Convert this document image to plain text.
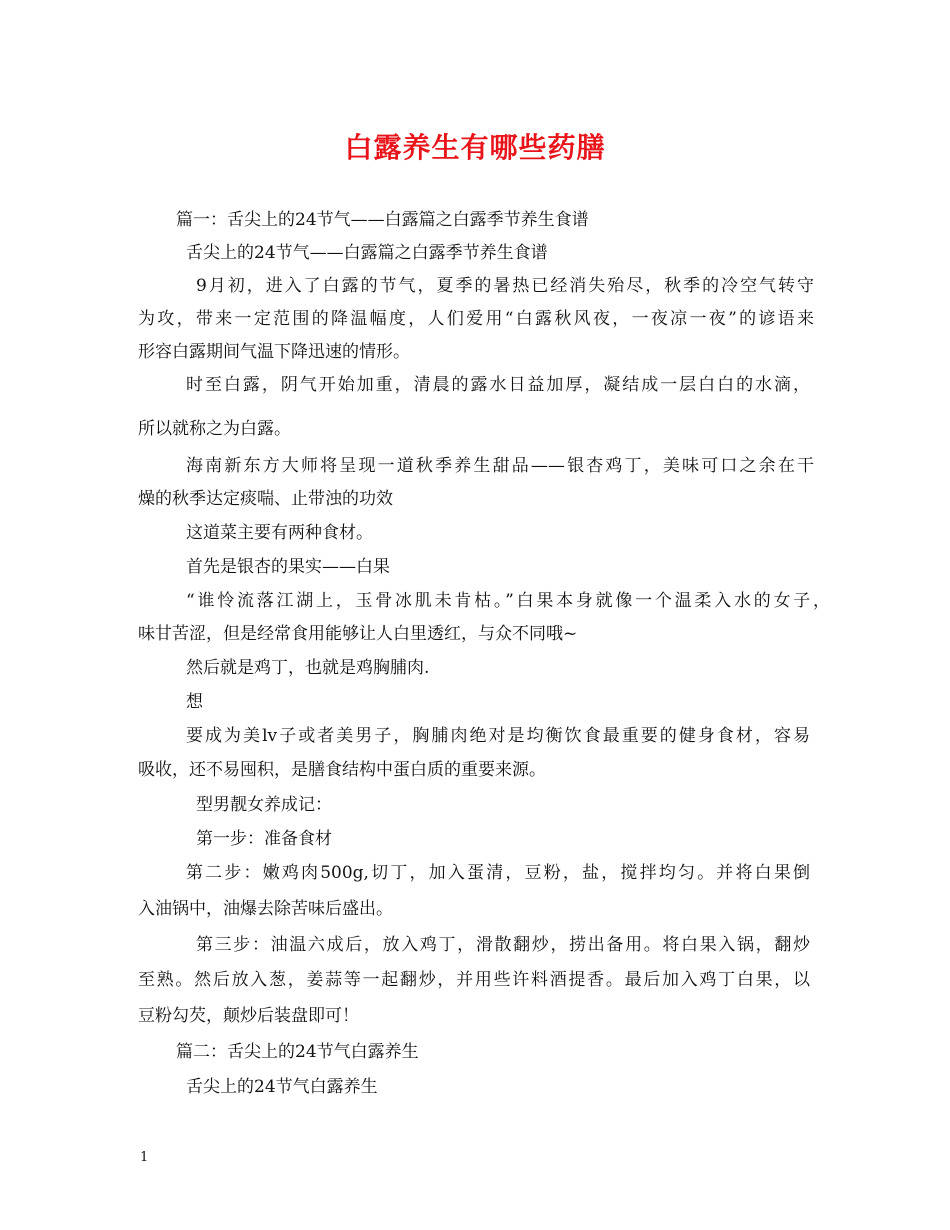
白露养生有哪些药膳
篇一：舌尖上的24节气——白露篇之白露季节养生食谱
舌尖上的24节气——白露篇之白露季节养生食谱
9月初，进入了白露的节气，夏季的暑热已经消失殆尽，秋季的冷空气转守
为攻，带来一定范围的降温幅度，人们爱用“白露秋风夜，一夜凉一夜”的谚语来
形容白露期间气温下降迅速的情形。
时至白露，阴气开始加重，清晨的露水日益加厚，凝结成一层白白的水滴，
所以就称之为白露。
海南新东方大师将呈现一道秋季养生甜品——银杏鸡丁，美味可口之余在干
燥的秋季达定痰喘、止带浊的功效
这道菜主要有两种食材。
首先是银杏的果实——白果
“谁怜流落江湖上，玉骨冰肌未肯枯。”白果本身就像一个温柔入水的女子，
味甘苦涩，但是经常食用能够让人白里透红，与众不同哦~
然后就是鸡丁，也就是鸡胸脯肉.
想
要成为美lv子或者美男子，胸脯肉绝对是均衡饮食最重要的健身食材，容易
吸收，还不易囤积，是膳食结构中蛋白质的重要来源。
型男靓女养成记：
第一步：准备食材
第二步：嫩鸡肉500g,切丁，加入蛋清，豆粉，盐，搅拌均匀。并将白果倒
入油锅中，油爆去除苦味后盛出。
第三步：油温六成后，放入鸡丁，滑散翻炒，捞出备用。将白果入锅，翻炒
至熟。然后放入葱，姜蒜等一起翻炒，并用些许料酒提香。最后加入鸡丁白果，以
豆粉勾芡，颠炒后装盘即可！
篇二：舌尖上的24节气白露养生
舌尖上的24节气白露养生
1
